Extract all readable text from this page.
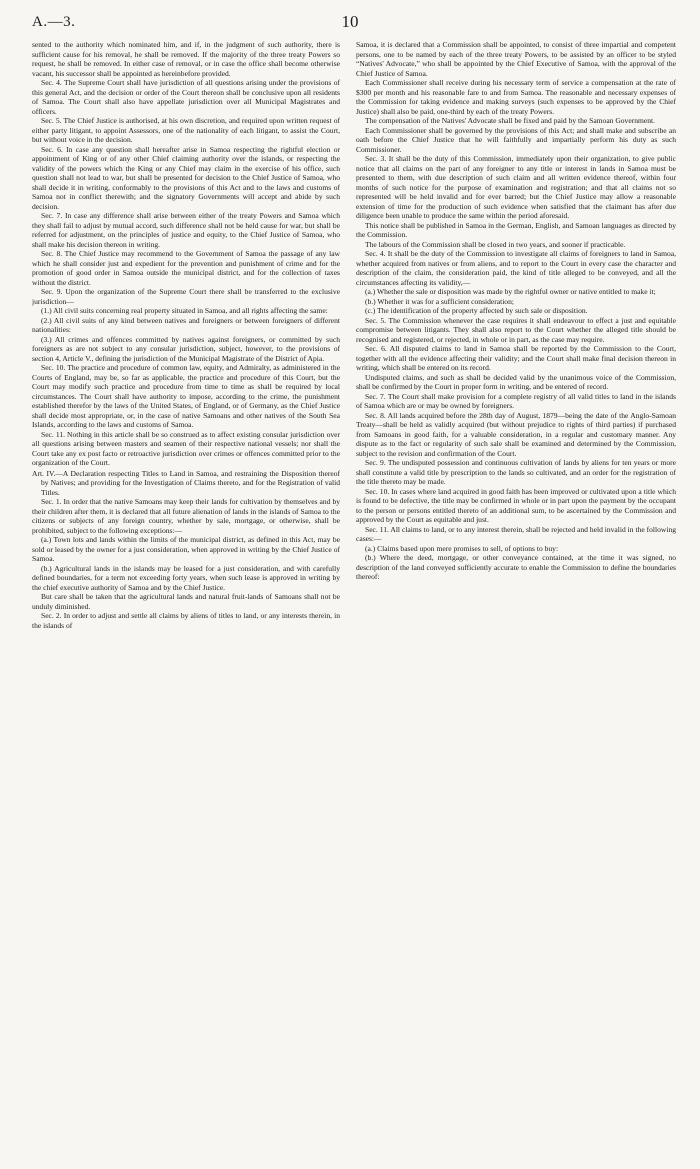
A.—3.	10

sented to the authority which nominated him, and if, in the judgment of such authority, there is sufficient cause for his removal, he shall be removed. If the majority of the three treaty Powers so request, he shall be removed. In either case of removal, or in case the office shall become otherwise vacant, his successor shall be appointed as hereinbefore provided.

Sec. 4. The Supreme Court shall have jurisdiction of all questions arising under the provisions of this general Act, and the decision or order of the Court thereon shall be conclusive upon all residents of Samoa. The Court shall also have appellate jurisdiction over all Municipal Magistrates and officers.

Sec. 5. The Chief Justice is authorised, at his own discretion, and required upon written request of either party litigant, to appoint Assessors, one of the nationality of each litigant, to assist the Court, but without voice in the decision.

Sec. 6. In case any question shall hereafter arise in Samoa respecting the rightful election or appointment of King or of any other Chief claiming authority over the islands, or respecting the validity of the powers which the King or any Chief may claim in the exercise of his office, such question shall not lead to war, but shall be presented for decision to the Chief Justice of Samoa, who shall decide it in writing, conformably to the provisions of this Act and to the laws and customs of Samoa not in conflict therewith; and the signatory Governments will accept and abide by such decision.

Sec. 7. In case any difference shall arise between either of the treaty Powers and Samoa which they shall fail to adjust by mutual accord, such difference shall not be held cause for war, but shall be referred for adjustment, on the principles of justice and equity, to the Chief Justice of Samoa, who shall make his decision thereon in writing.

Sec. 8. The Chief Justice may recommend to the Government of Samoa the passage of any law which he shall consider just and expedient for the prevention and punishment of crime and for the promotion of good order in Samoa outside the municipal district, and for the collection of taxes without the district.

Sec. 9. Upon the organization of the Supreme Court there shall be transferred to the exclusive jurisdiction—

(1.) All civil suits concerning real property situated in Samoa, and all rights affecting the same:

(2.) All civil suits of any kind between natives and foreigners or between foreigners of different nationalities:

(3.) All crimes and offences committed by natives against foreigners, or committed by such foreigners as are not subject to any consular jurisdiction, subject, however, to the provisions of section 4, Article V., defining the jurisdiction of the Municipal Magistrate of the District of Apia.

Sec. 10. The practice and procedure of common law, equity, and Admiralty, as administered in the Courts of England, may be, so far as applicable, the practice and procedure of this Court, but the Court may modify such practice and procedure from time to time as shall be required by local circumstances. The Court shall have authority to impose, according to the crime, the punishment established therefor by the laws of the United States, of England, or of Germany, as the Chief Justice shall decide most appropriate, or, in the case of native Samoans and other natives of the South Sea Islands, according to the laws and customs of Samoa.

Sec. 11. Nothing in this article shall be so construed as to affect existing consular jurisdiction over all questions arising between masters and seamen of their respective national vessels; nor shall the Court take any ex post facto or retroactive jurisdiction over crimes or offences committed prior to the organization of the Court.

Art. IV.—A Declaration respecting Titles to Land in Samoa, and restraining the Disposition thereof by Natives; and providing for the Investigation of Claims thereto, and for the Registration of valid Titles.

Sec. 1. In order that the native Samoans may keep their lands for cultivation by themselves and by their children after them, it is declared that all future alienation of lands in the islands of Samoa to the citizens or subjects of any foreign country, whether by sale, mortgage, or otherwise, shall be prohibited, subject to the following exceptions:—

(a.) Town lots and lands within the limits of the municipal district, as defined in this Act, may be sold or leased by the owner for a just consideration, when approved in writing by the Chief Justice of Samoa.

(b.) Agricultural lands in the islands may be leased for a just consideration, and with carefully defined boundaries, for a term not exceeding forty years, when such lease is approved in writing by the chief executive authority of Samoa and by the Chief Justice.

But care shall be taken that the agricultural lands and natural fruit-lands of Samoans shall not be unduly diminished.

Sec. 2. In order to adjust and settle all claims by aliens of titles to land, or any interests therein, in the islands of

Samoa, it is declared that a Commission shall be appointed, to consist of three impartial and competent persons, one to be named by each of the three treaty Powers, to be assisted by an officer to be styled “Natives' Advocate,” who shall be appointed by the Chief Executive of Samoa, with the approval of the Chief Justice of Samoa.

Each Commissioner shall receive during his necessary term of service a compensation at the rate of $300 per month and his reasonable fare to and from Samoa. The reasonable and necessary expenses of the Commission for taking evidence and making surveys (such expenses to be approved by the Chief Justice) shall also be paid, one-third by each of the treaty Powers.

The compensation of the Natives' Advocate shall be fixed and paid by the Samoan Government.

Each Commissioner shall be governed by the provisions of this Act; and shall make and subscribe an oath before the Chief Justice that he will faithfully and impartially perform his duty as such Commissioner.

Sec. 3. It shall be the duty of this Commission, immediately upon their organization, to give public notice that all claims on the part of any foreigner to any title or interest in lands in Samoa must be presented to them, with due description of such claim and all written evidence thereof, within four months of such notice for the purpose of examination and registration; and that all claims not so represented will be held invalid and for ever barred; but the Chief Justice may allow a reasonable extension of time for the production of such evidence when satisfied that the claimant has after due diligence been unable to produce the same within the period aforesaid.

This notice shall be published in Samoa in the German, English, and Samoan languages as directed by the Commission.

The labours of the Commission shall be closed in two years, and sooner if practicable.

Sec. 4. It shall be the duty of the Commission to investigate all claims of foreigners to land in Samoa, whether acquired from natives or from aliens, and to report to the Court in every case the character and description of the claim, the consideration paid, the kind of title alleged to be conveyed, and all the circumstances affecting its validity,—

(a.) Whether the sale or disposition was made by the rightful owner or native entitled to make it;

(b.) Whether it was for a sufficient consideration;

(c.) The identification of the property affected by such sale or disposition.

Sec. 5. The Commission whenever the case requires it shall endeavour to effect a just and equitable compromise between litigants. They shall also report to the Court whether the alleged title should be recognised and registered, or rejected, in whole or in part, as the case may require.

Sec. 6. All disputed claims to land in Samoa shall be reported by the Commission to the Court, together with all the evidence affecting their validity; and the Court shall make final decision thereon in writing, which shall be entered on its record.

Undisputed claims, and such as shall be decided valid by the unanimous voice of the Commission, shall be confirmed by the Court in proper form in writing, and be entered of record.

Sec. 7. The Court shall make provision for a complete registry of all valid titles to land in the islands of Samoa which are or may be owned by foreigners.

Sec. 8. All lands acquired before the 28th day of August, 1879—being the date of the Anglo-Samoan Treaty—shall be held as validly acquired (but without prejudice to rights of third parties) if purchased from Samoans in good faith, for a valuable consideration, in a regular and customary manner. Any dispute as to the fact or regularity of such sale shall be examined and determined by the Commission, subject to the revision and confirmation of the Court.

Sec. 9. The undisputed possession and continuous cultivation of lands by aliens for ten years or more shall constitute a valid title by prescription to the lands so cultivated, and an order for the registration of the title thereto may be made.

Sec. 10. In cases where land acquired in good faith has been improved or cultivated upon a title which is found to be defective, the title may be confirmed in whole or in part upon the payment by the occupant to the person or persons entitled thereto of an additional sum, to be ascertained by the Commission and approved by the Court as equitable and just.

Sec. 11. All claims to land, or to any interest therein, shall be rejected and held invalid in the following cases:—

(a.) Claims based upon mere promises to sell, of options to buy:

(b.) Where the deed, mortgage, or other conveyance contained, at the time it was signed, no description of the land conveyed sufficiently accurate to enable the Commission to define the boundaries thereof:
